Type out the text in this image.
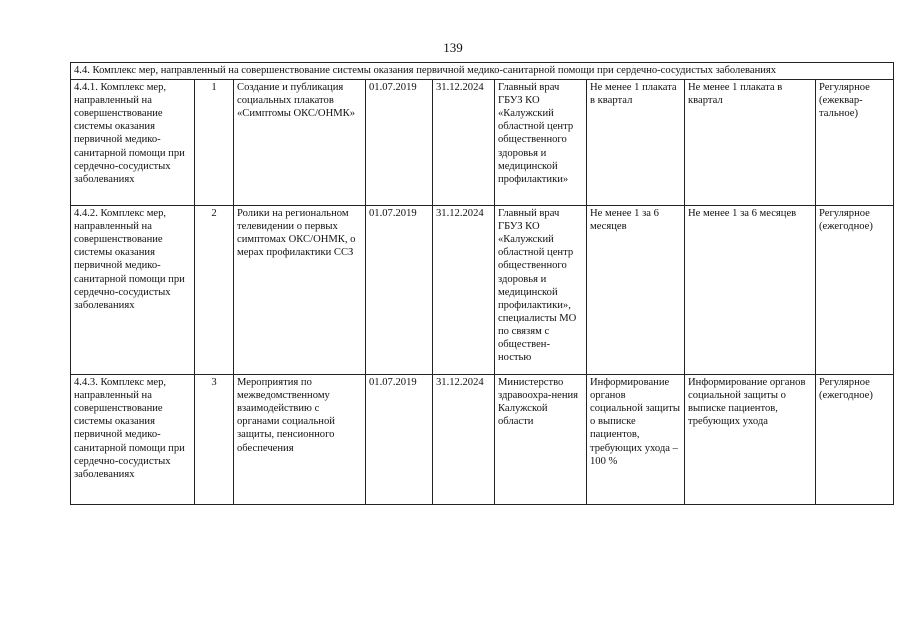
139
4.4. Комплекс мер, направленный на совершенствование системы оказания первичной медико-санитарной помощи при сердечно-сосудистых заболеваниях								
4.4.1. Комплекс мер, направленный на совершенствование системы оказания первичной медико-санитарной помощи при сердечно-сосудистых заболеваниях	1	Создание и публикация социальных плакатов «Симптомы ОКС/ОНМК»	01.07.2019	31.12.2024	Главный врач ГБУЗ КО «Калужский областной центр общественного здоровья и медицинской профилактики»	Не менее 1 плаката в квартал	Не менее 1 плаката в квартал	Регулярное (ежеквар-тальное)
4.4.2. Комплекс мер, направленный на совершенствование системы оказания первичной медико-санитарной помощи при сердечно-сосудистых заболеваниях	2	Ролики на региональном телевидении о первых симптомах ОКС/ОНМК, о мерах профилактики ССЗ	01.07.2019	31.12.2024	Главный врач ГБУЗ КО «Калужский областной центр общественного здоровья и медицинской профилактики», специалисты МО по связям с обществен-ностью	Не менее 1 за 6 месяцев	Не менее 1 за 6 месяцев	Регулярное (ежегодное)
4.4.3. Комплекс мер, направленный на совершенствование системы оказания первичной медико-санитарной помощи при сердечно-сосудистых заболеваниях	3	Мероприятия по межведомственному взаимодействию с органами социальной защиты, пенсионного обеспечения	01.07.2019	31.12.2024	Министерство здравоохра-нения Калужской области	Информирование органов социальной защиты о выписке пациентов, требующих ухода – 100 %	Информирование органов социальной защиты о выписке пациентов, требующих ухода	Регулярное (ежегодное)
